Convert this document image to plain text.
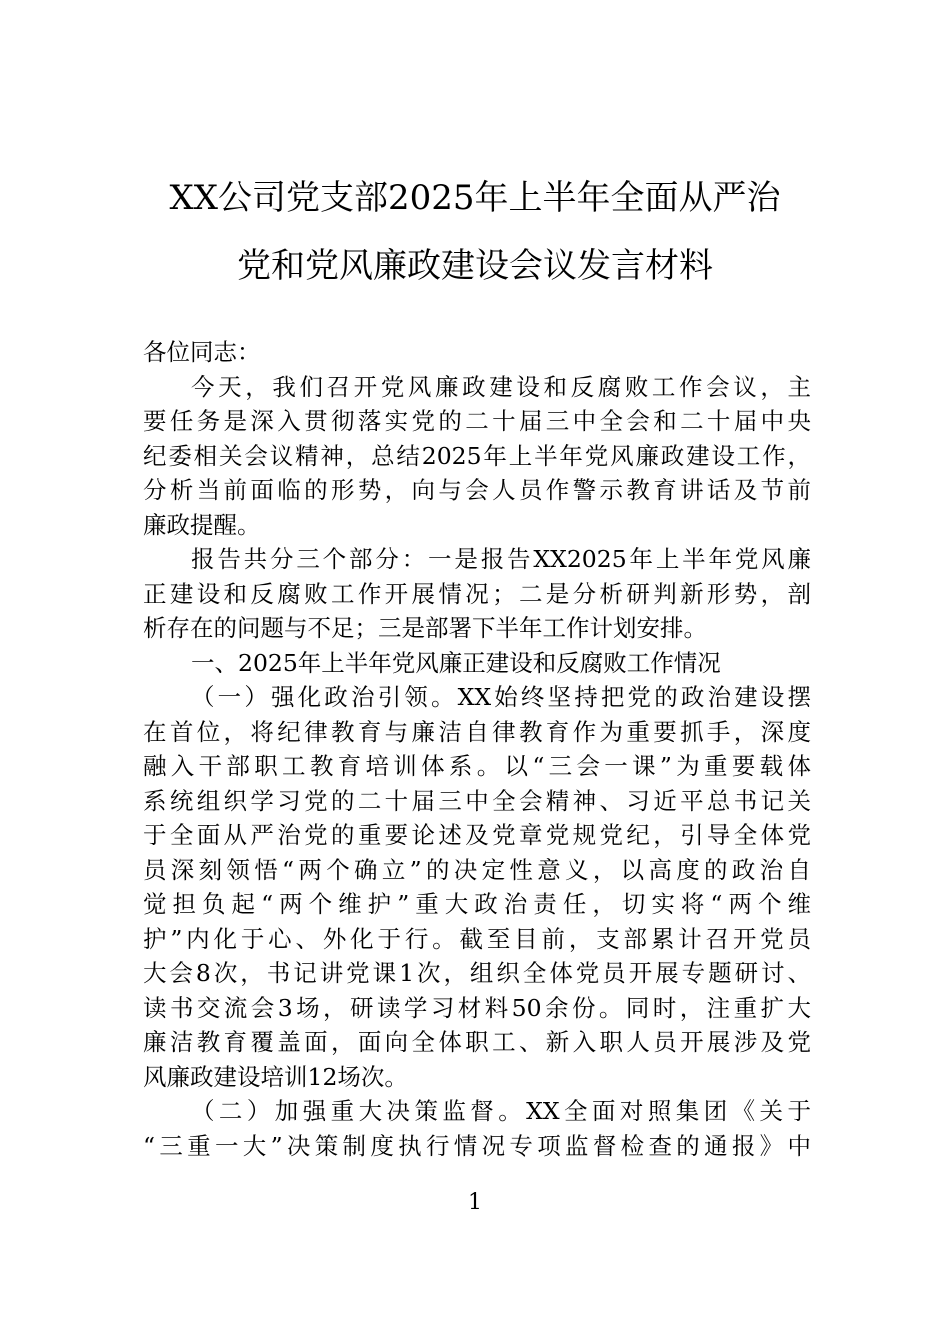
XX公司党支部2025年上半年全面从严治
党和党风廉政建设会议发言材料
各位同志：
今天，我们召开党风廉政建设和反腐败工作会议，主
要任务是深入贯彻落实党的二十届三中全会和二十届中央
纪委相关会议精神，总结2025年上半年党风廉政建设工作，
分析当前面临的形势，向与会人员作警示教育讲话及节前
廉政提醒。
报告共分三个部分：一是报告XX2025年上半年党风廉
正建设和反腐败工作开展情况；二是分析研判新形势，剖
析存在的问题与不足；三是部署下半年工作计划安排。
一、2025年上半年党风廉正建设和反腐败工作情况
（一）强化政治引领。XX始终坚持把党的政治建设摆
在首位，将纪律教育与廉洁自律教育作为重要抓手，深度
融入干部职工教育培训体系。以“三会一课”为重要载体
系统组织学习党的二十届三中全会精神、习近平总书记关
于全面从严治党的重要论述及党章党规党纪，引导全体党
员深刻领悟“两个确立”的决定性意义，以高度的政治自
觉担负起“两个维护”重大政治责任，切实将“两个维
护”内化于心、外化于行。截至目前，支部累计召开党员
大会8次，书记讲党课1次，组织全体党员开展专题研讨、
读书交流会3场，研读学习材料50余份。同时，注重扩大
廉洁教育覆盖面，面向全体职工、新入职人员开展涉及党
风廉政建设培训12场次。
（二）加强重大决策监督。XX全面对照集团《关于
“三重一大”决策制度执行情况专项监督检查的通报》中
1
